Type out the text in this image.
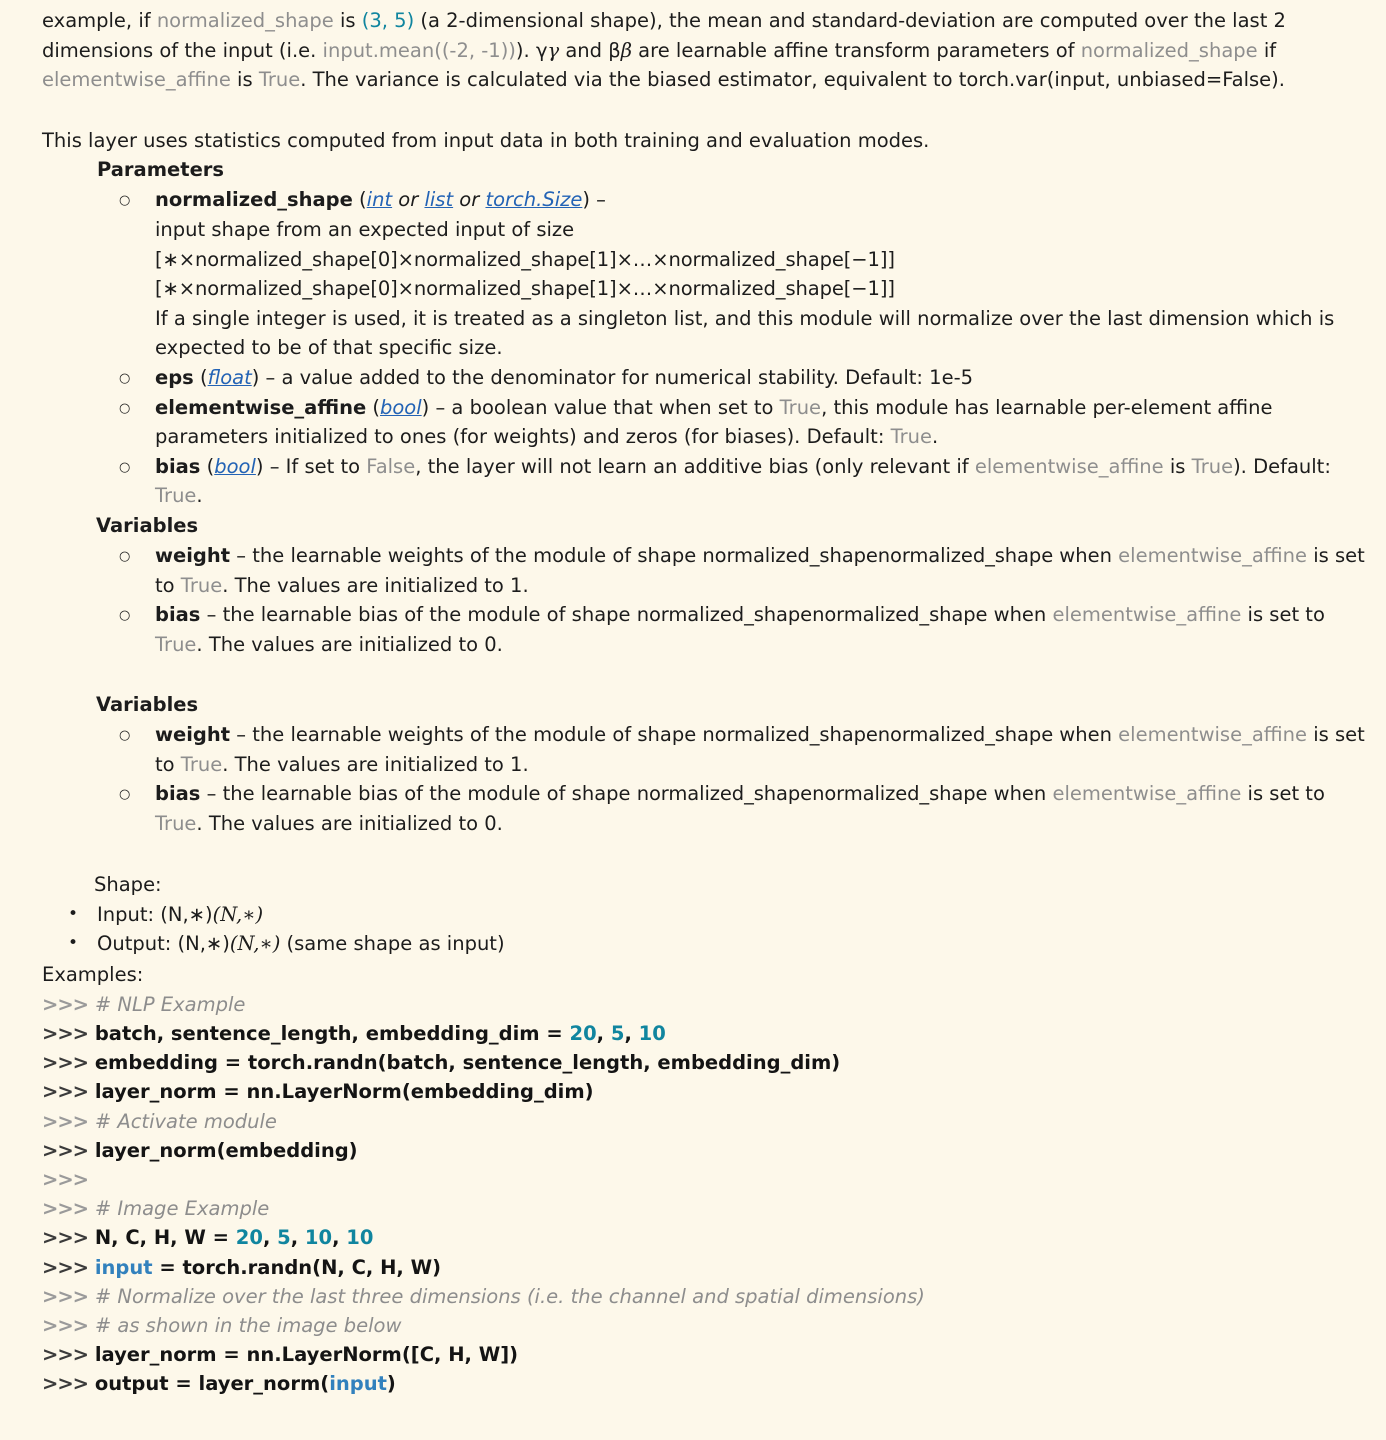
example, if normalized_shape is (3, 5) (a 2-dimensional shape), the mean and standard-deviation are computed over the last 2 dimensions of the input (i.e. input.mean((-2, -1))). γγ and ββ are learnable affine transform parameters of normalized_shape if elementwise_affine is True. The variance is calculated via the biased estimator, equivalent to torch.var(input, unbiased=False).

This layer uses statistics computed from input data in both training and evaluation modes.

Parameters
○ normalized_shape (int or list or torch.Size) –
input shape from an expected input of size
[∗×normalized_shape[0]×normalized_shape[1]×…×normalized_shape[−1]]
[∗×normalized_shape[0]×normalized_shape[1]×…×normalized_shape[−1]]
If a single integer is used, it is treated as a singleton list, and this module will normalize over the last dimension which is expected to be of that specific size.
○ eps (float) – a value added to the denominator for numerical stability. Default: 1e-5
○ elementwise_affine (bool) – a boolean value that when set to True, this module has learnable per-element affine parameters initialized to ones (for weights) and zeros (for biases). Default: True.
○ bias (bool) – If set to False, the layer will not learn an additive bias (only relevant if elementwise_affine is True). Default: True.
Variables
○ weight – the learnable weights of the module of shape normalized_shapenormalized_shape when elementwise_affine is set to True. The values are initialized to 1.
○ bias – the learnable bias of the module of shape normalized_shapenormalized_shape when elementwise_affine is set to True. The values are initialized to 0.
Variables
○ weight – the learnable weights of the module of shape normalized_shapenormalized_shape when elementwise_affine is set to True. The values are initialized to 1.
○ bias – the learnable bias of the module of shape normalized_shapenormalized_shape when elementwise_affine is set to True. The values are initialized to 0.
Shape:
• Input: (N,∗)(N,∗)
• Output: (N,∗)(N,∗) (same shape as input)
Examples:
>>> # NLP Example
>>> batch, sentence_length, embedding_dim = 20, 5, 10
>>> embedding = torch.randn(batch, sentence_length, embedding_dim)
>>> layer_norm = nn.LayerNorm(embedding_dim)
>>> # Activate module
>>> layer_norm(embedding)
>>>
>>> # Image Example
>>> N, C, H, W = 20, 5, 10, 10
>>> input = torch.randn(N, C, H, W)
>>> # Normalize over the last three dimensions (i.e. the channel and spatial dimensions)
>>> # as shown in the image below
>>> layer_norm = nn.LayerNorm([C, H, W])
>>> output = layer_norm(input)
